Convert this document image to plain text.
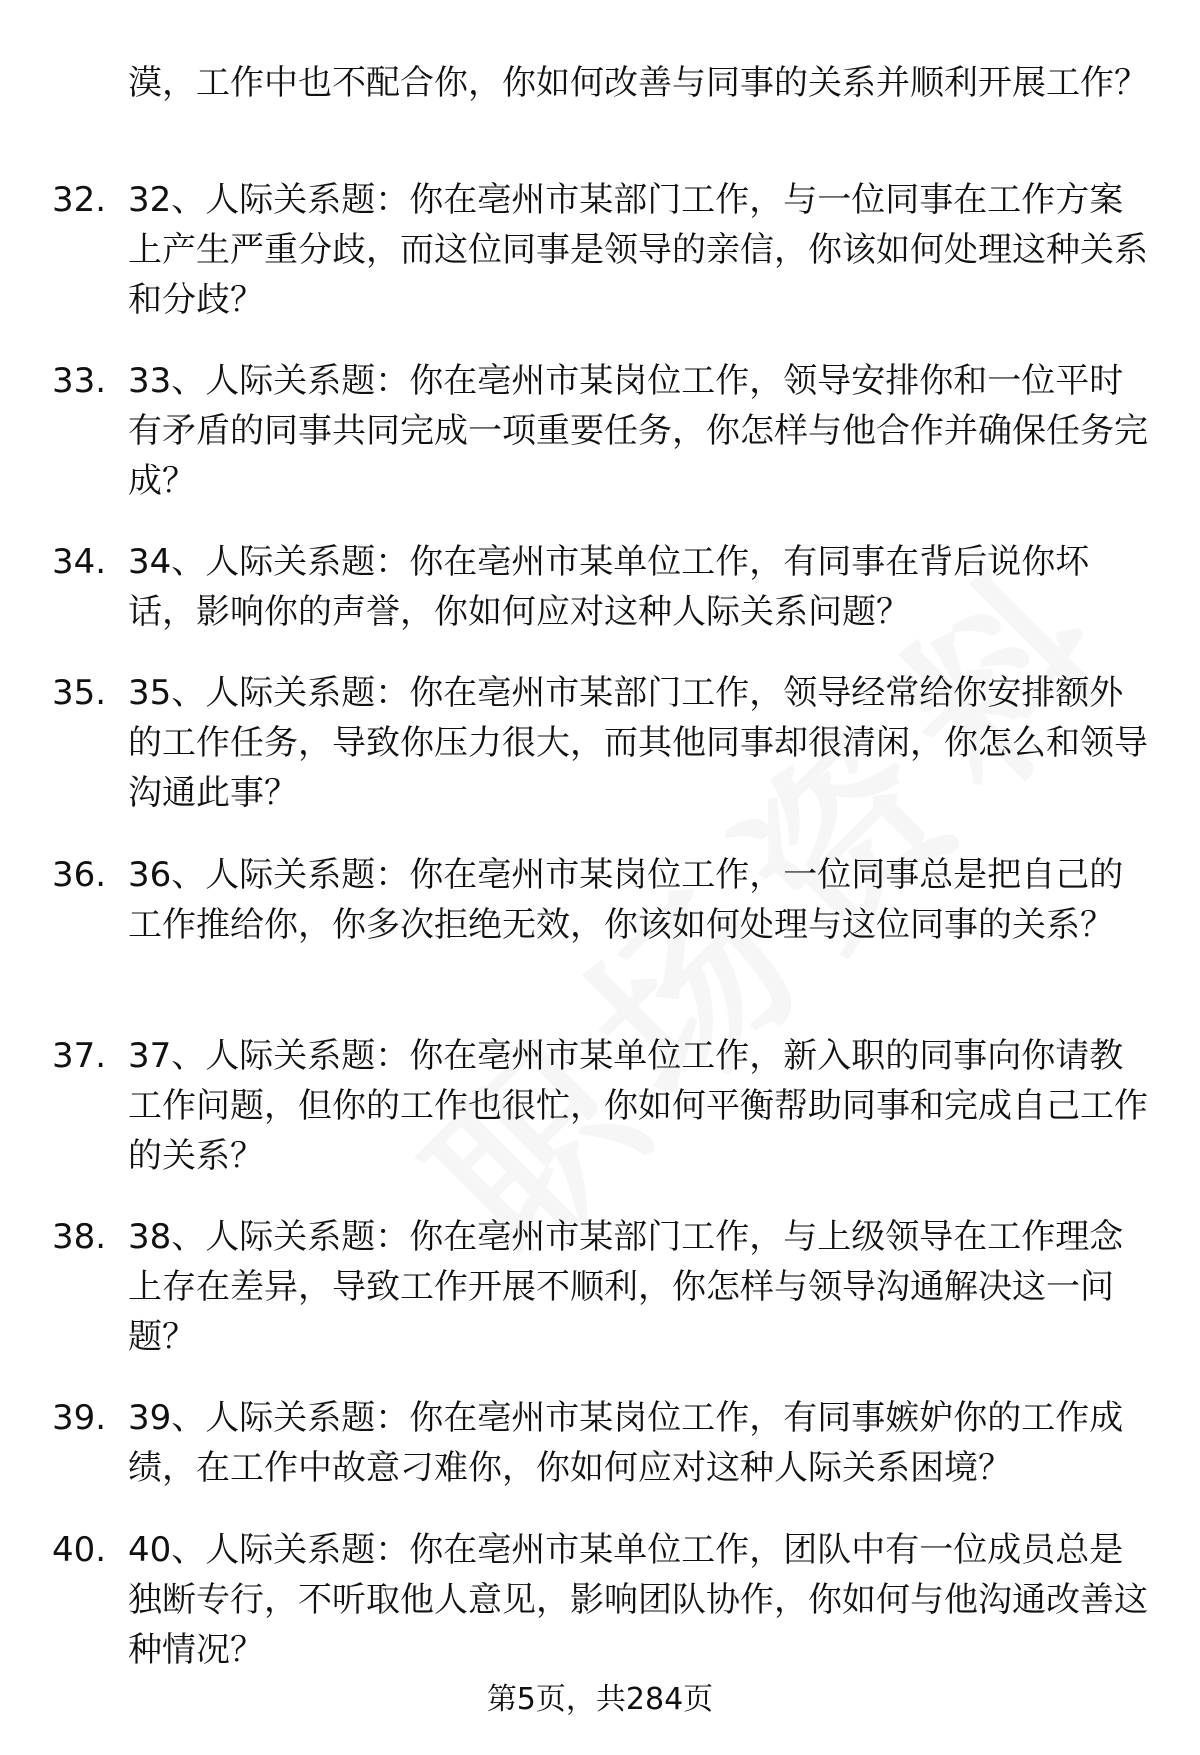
漠，工作中也不配合你，你如何改善与同事的关系并顺利开展工作？

32. 32、人际关系题：你在亳州市某部门工作，与一位同事在工作方案上产生严重分歧，而这位同事是领导的亲信，你该如何处理这种关系和分歧？

33. 33、人际关系题：你在亳州市某岗位工作，领导安排你和一位平时有矛盾的同事共同完成一项重要任务，你怎样与他合作并确保任务完成？

34. 34、人际关系题：你在亳州市某单位工作，有同事在背后说你坏话，影响你的声誉，你如何应对这种人际关系问题？

35. 35、人际关系题：你在亳州市某部门工作，领导经常给你安排额外的工作任务，导致你压力很大，而其他同事却很清闲，你怎么和领导沟通此事？

36. 36、人际关系题：你在亳州市某岗位工作，一位同事总是把自己的工作推给你，你多次拒绝无效，你该如何处理与这位同事的关系？

37. 37、人际关系题：你在亳州市某单位工作，新入职的同事向你请教工作问题，但你的工作也很忙，你如何平衡帮助同事和完成自己工作的关系？

38. 38、人际关系题：你在亳州市某部门工作，与上级领导在工作理念上存在差异，导致工作开展不顺利，你怎样与领导沟通解决这一问题？

39. 39、人际关系题：你在亳州市某岗位工作，有同事嫉妒你的工作成绩，在工作中故意刁难你，你如何应对这种人际关系困境？

40. 40、人际关系题：你在亳州市某单位工作，团队中有一位成员总是独断专行，不听取他人意见，影响团队协作，你如何与他沟通改善这种情况？

第5页，共284页
